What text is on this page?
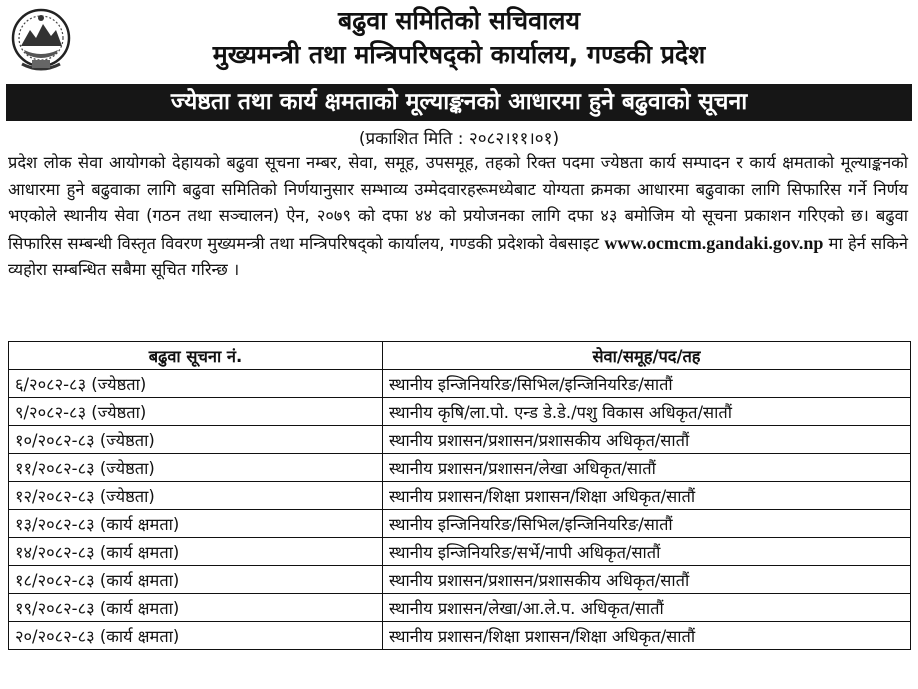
बढुवा समितिको सचिवालय
मुख्यमन्त्री तथा मन्त्रिपरिषद्को कार्यालय, गण्डकी प्रदेश
ज्येष्ठता तथा कार्य क्षमताको मूल्याङ्कनको आधारमा हुने बढुवाको सूचना
(प्रकाशित मिति : २०८२।११।०१)
प्रदेश लोक सेवा आयोगको देहायको बढुवा सूचना नम्बर, सेवा, समूह, उपसमूह, तहको रिक्त पदमा ज्येष्ठता कार्य सम्पादन र कार्य क्षमताको मूल्याङ्कनको आधारमा हुने बढुवाका लागि बढुवा समितिको निर्णयानुसार सम्भाव्य उम्मेदवारहरूमध्येबाट योग्यता क्रमका आधारमा बढुवाका लागि सिफारिस गर्ने निर्णय भएकोले स्थानीय सेवा (गठन तथा सञ्चालन) ऐन, २०७९ को दफा ४४ को प्रयोजनका लागि दफा ४३ बमोजिम यो सूचना प्रकाशन गरिएको छ। बढुवा सिफारिस सम्बन्धी विस्तृत विवरण मुख्यमन्त्री तथा मन्त्रिपरिषद्को कार्यालय, गण्डकी प्रदेशको वेबसाइट www.ocmcm.gandaki.gov.np मा हेर्न सकिने व्यहोरा सम्बन्धित सबैमा सूचित गरिन्छ ।
बढुवा सूचना नं.	सेवा/समूह/पद/तह
६/२०८२-८३ (ज्येष्ठता)	स्थानीय इन्जिनियरिङ/सिभिल/इन्जिनियरिङ/सातौं
९/२०८२-८३ (ज्येष्ठता)	स्थानीय कृषि/ला.पो. एन्ड डे.डे./पशु विकास अधिकृत/सातौं
१०/२०८२-८३ (ज्येष्ठता)	स्थानीय प्रशासन/प्रशासन/प्रशासकीय अधिकृत/सातौं
११/२०८२-८३ (ज्येष्ठता)	स्थानीय प्रशासन/प्रशासन/लेखा अधिकृत/सातौं
१२/२०८२-८३ (ज्येष्ठता)	स्थानीय प्रशासन/शिक्षा प्रशासन/शिक्षा अधिकृत/सातौं
१३/२०८२-८३ (कार्य क्षमता)	स्थानीय इन्जिनियरिङ/सिभिल/इन्जिनियरिङ/सातौं
१४/२०८२-८३ (कार्य क्षमता)	स्थानीय इन्जिनियरिङ/सर्भे/नापी अधिकृत/सातौं
१८/२०८२-८३ (कार्य क्षमता)	स्थानीय प्रशासन/प्रशासन/प्रशासकीय अधिकृत/सातौं
१९/२०८२-८३ (कार्य क्षमता)	स्थानीय प्रशासन/लेखा/आ.ले.प. अधिकृत/सातौं
२०/२०८२-८३ (कार्य क्षमता)	स्थानीय प्रशासन/शिक्षा प्रशासन/शिक्षा अधिकृत/सातौं
